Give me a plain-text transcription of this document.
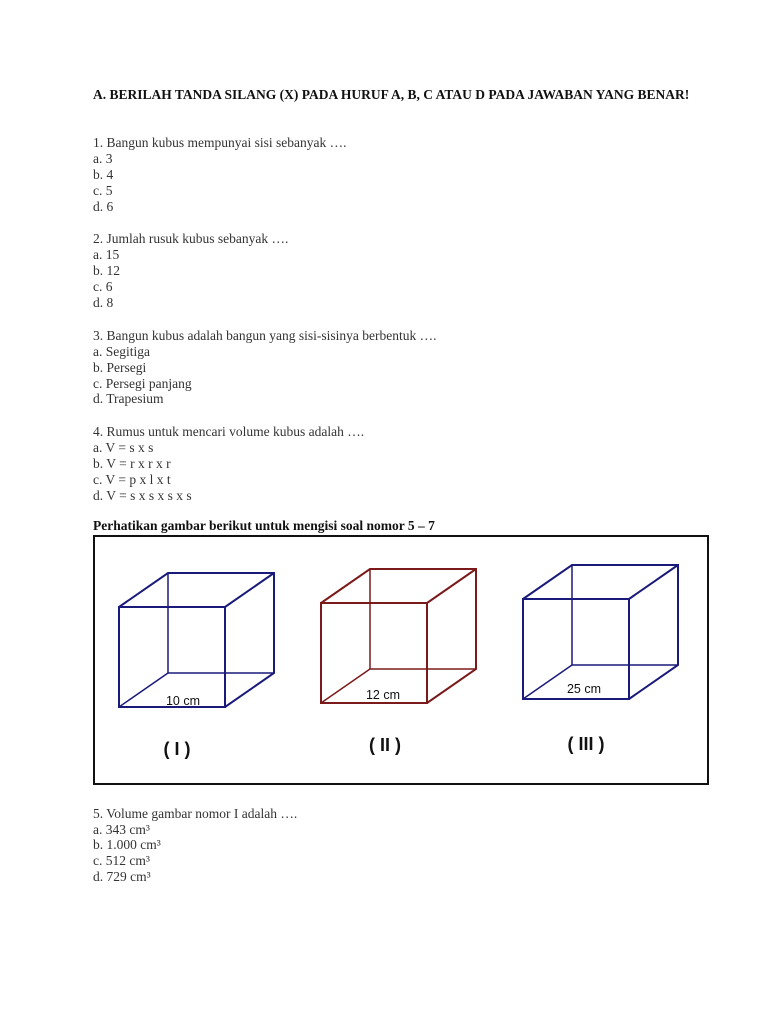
A. BERILAH TANDA SILANG (X) PADA HURUF A, B, C ATAU D PADA JAWABAN YANG BENAR!
1. Bangun kubus mempunyai sisi sebanyak ….
a. 3
b. 4
c. 5
d. 6
2. Jumlah rusuk kubus sebanyak ….
a. 15
b. 12
c. 6
d. 8
3. Bangun kubus adalah bangun yang sisi-sisinya berbentuk ….
a. Segitiga
b. Persegi
c. Persegi panjang
d. Trapesium
4. Rumus untuk mencari volume kubus adalah ….
a. V = s x s
b. V = r x r x r
c. V = p x l x t
d. V = s x s x s x s
Perhatikan gambar berikut untuk mengisi soal nomor 5 – 7
10 cm
( I )
12 cm
( II )
25 cm
( III )
5. Volume gambar nomor I adalah ….
a. 343 cm³
b. 1.000 cm³
c. 512 cm³
d. 729 cm³
